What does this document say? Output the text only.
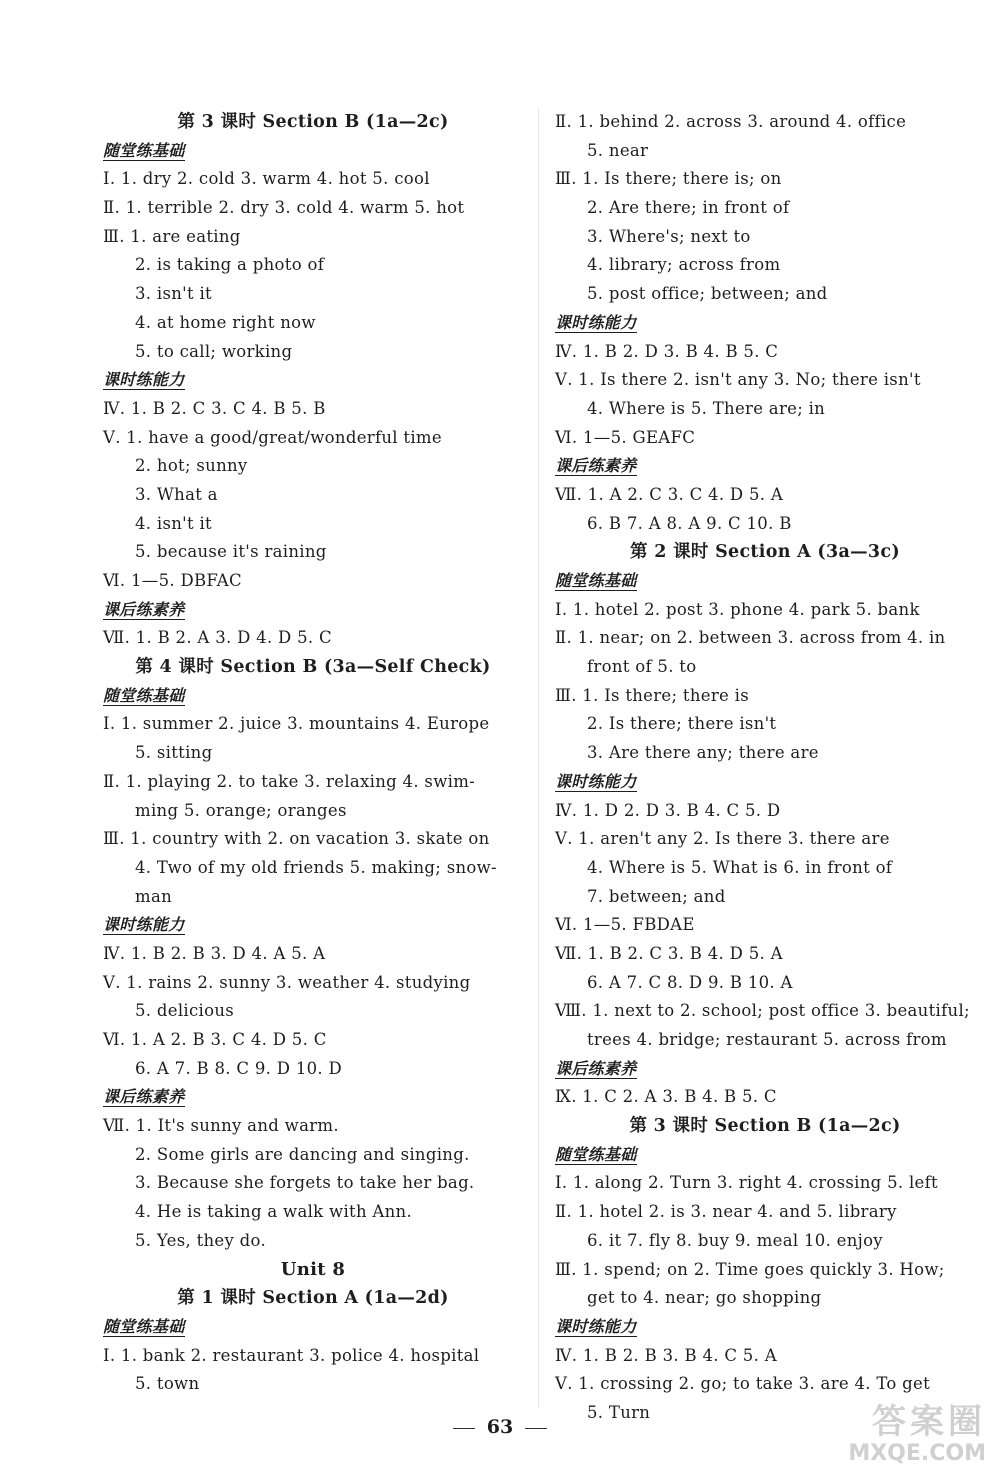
第 3 课时 Section B (1a—2c)
随堂练基础
Ⅰ. 1. dry 2. cold 3. warm 4. hot 5. cool
Ⅱ. 1. terrible 2. dry 3. cold 4. warm 5. hot
Ⅲ. 1. are eating
2. is taking a photo of
3. isn't it
4. at home right now
5. to call; working
课时练能力
Ⅳ. 1. B 2. C 3. C 4. B 5. B
Ⅴ. 1. have a good/great/wonderful time
2. hot; sunny
3. What a
4. isn't it
5. because it's raining
Ⅵ. 1—5. DBFAC
课后练素养
Ⅶ. 1. B 2. A 3. D 4. D 5. C
第 4 课时 Section B (3a—Self Check)
随堂练基础
Ⅰ. 1. summer 2. juice 3. mountains 4. Europe
5. sitting
Ⅱ. 1. playing 2. to take 3. relaxing 4. swim-
ming 5. orange; oranges
Ⅲ. 1. country with 2. on vacation 3. skate on
4. Two of my old friends 5. making; snow-
man
课时练能力
Ⅳ. 1. B 2. B 3. D 4. A 5. A
Ⅴ. 1. rains 2. sunny 3. weather 4. studying
5. delicious
Ⅵ. 1. A 2. B 3. C 4. D 5. C
6. A 7. B 8. C 9. D 10. D
课后练素养
Ⅶ. 1. It's sunny and warm.
2. Some girls are dancing and singing.
3. Because she forgets to take her bag.
4. He is taking a walk with Ann.
5. Yes, they do.
Unit 8
第 1 课时 Section A (1a—2d)
随堂练基础
Ⅰ. 1. bank 2. restaurant 3. police 4. hospital
5. town
Ⅱ. 1. behind 2. across 3. around 4. office
5. near
Ⅲ. 1. Is there; there is; on
2. Are there; in front of
3. Where's; next to
4. library; across from
5. post office; between; and
课时练能力
Ⅳ. 1. B 2. D 3. B 4. B 5. C
Ⅴ. 1. Is there 2. isn't any 3. No; there isn't
4. Where is 5. There are; in
Ⅵ. 1—5. GEAFC
课后练素养
Ⅶ. 1. A 2. C 3. C 4. D 5. A
6. B 7. A 8. A 9. C 10. B
第 2 课时 Section A (3a—3c)
随堂练基础
Ⅰ. 1. hotel 2. post 3. phone 4. park 5. bank
Ⅱ. 1. near; on 2. between 3. across from 4. in
front of 5. to
Ⅲ. 1. Is there; there is
2. Is there; there isn't
3. Are there any; there are
课时练能力
Ⅳ. 1. D 2. D 3. B 4. C 5. D
Ⅴ. 1. aren't any 2. Is there 3. there are
4. Where is 5. What is 6. in front of
7. between; and
Ⅵ. 1—5. FBDAE
Ⅶ. 1. B 2. C 3. B 4. D 5. A
6. A 7. C 8. D 9. B 10. A
Ⅷ. 1. next to 2. school; post office 3. beautiful;
trees 4. bridge; restaurant 5. across from
课后练素养
Ⅸ. 1. C 2. A 3. B 4. B 5. C
第 3 课时 Section B (1a—2c)
随堂练基础
Ⅰ. 1. along 2. Turn 3. right 4. crossing 5. left
Ⅱ. 1. hotel 2. is 3. near 4. and 5. library
6. it 7. fly 8. buy 9. meal 10. enjoy
Ⅲ. 1. spend; on 2. Time goes quickly 3. How;
get to 4. near; go shopping
课时练能力
Ⅳ. 1. B 2. B 3. B 4. C 5. A
Ⅴ. 1. crossing 2. go; to take 3. are 4. To get
5. Turn
63	答案圈
MXQE.COM
